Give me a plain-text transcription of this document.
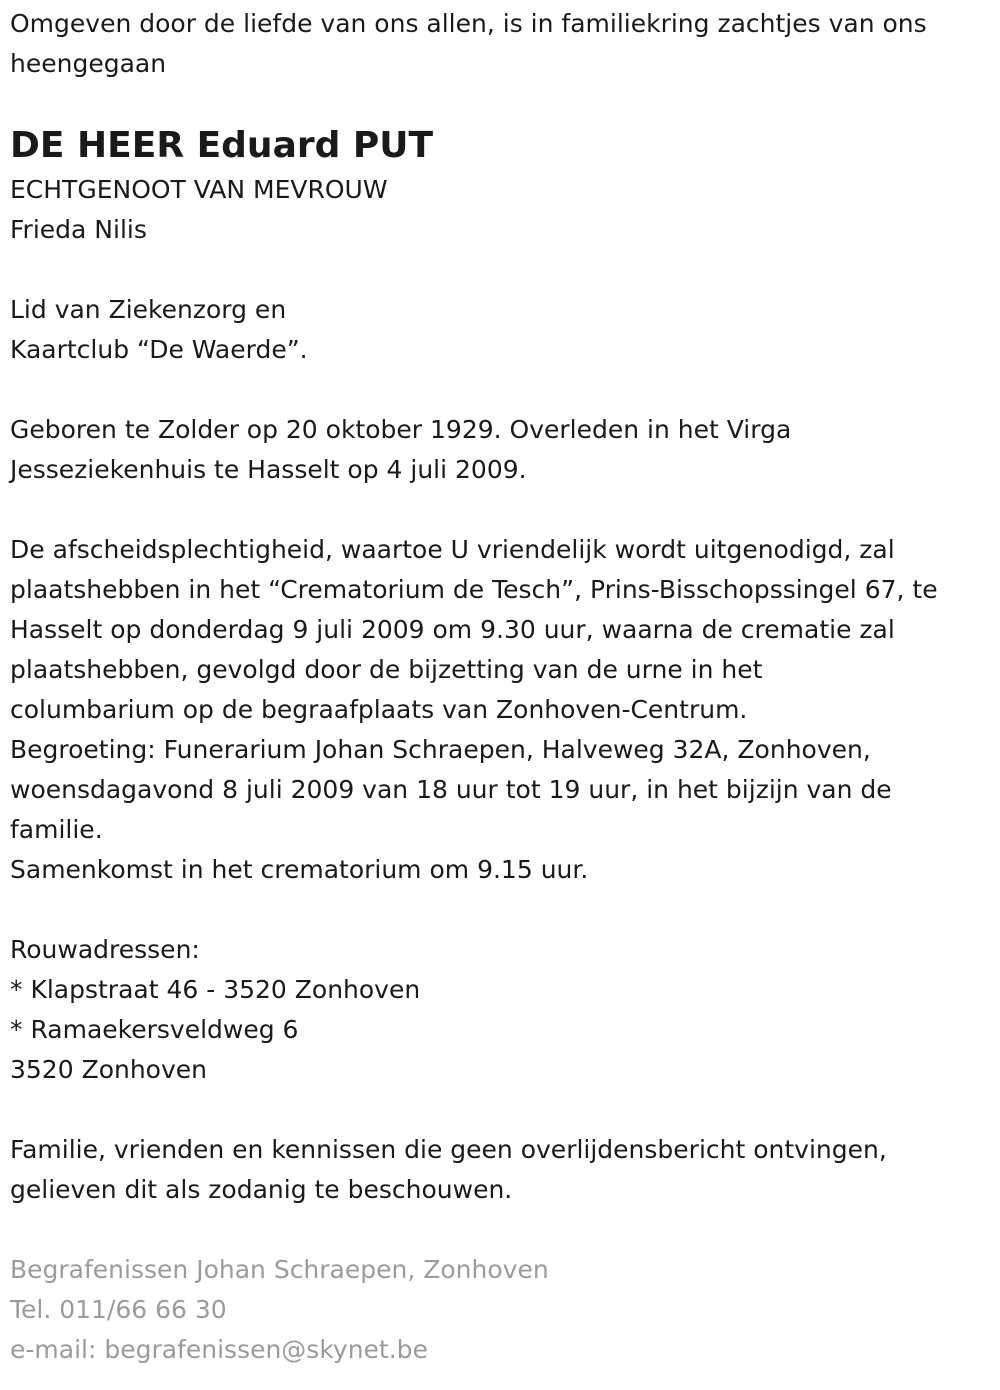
Omgeven door de liefde van ons allen, is in familiekring zachtjes van ons
heengegaan
DE HEER Eduard PUT
ECHTGENOOT VAN MEVROUW
Frieda Nilis
Lid van Ziekenzorg en
Kaartclub “De Waerde”.
Geboren te Zolder op 20 oktober 1929. Overleden in het Virga
Jesseziekenhuis te Hasselt op 4 juli 2009.
De afscheidsplechtigheid, waartoe U vriendelijk wordt uitgenodigd, zal
plaatshebben in het “Crematorium de Tesch”, Prins-Bisschopssingel 67, te
Hasselt op donderdag 9 juli 2009 om 9.30 uur, waarna de crematie zal
plaatshebben, gevolgd door de bijzetting van de urne in het
columbarium op de begraafplaats van Zonhoven-Centrum.
Begroeting: Funerarium Johan Schraepen, Halveweg 32A, Zonhoven,
woensdagavond 8 juli 2009 van 18 uur tot 19 uur, in het bijzijn van de
familie.
Samenkomst in het crematorium om 9.15 uur.
Rouwadressen:
* Klapstraat 46 - 3520 Zonhoven
* Ramaekersveldweg 6
3520 Zonhoven
Familie, vrienden en kennissen die geen overlijdensbericht ontvingen,
gelieven dit als zodanig te beschouwen.
Begrafenissen Johan Schraepen, Zonhoven
Tel. 011/66 66 30
e-mail: begrafenissen@skynet.be
